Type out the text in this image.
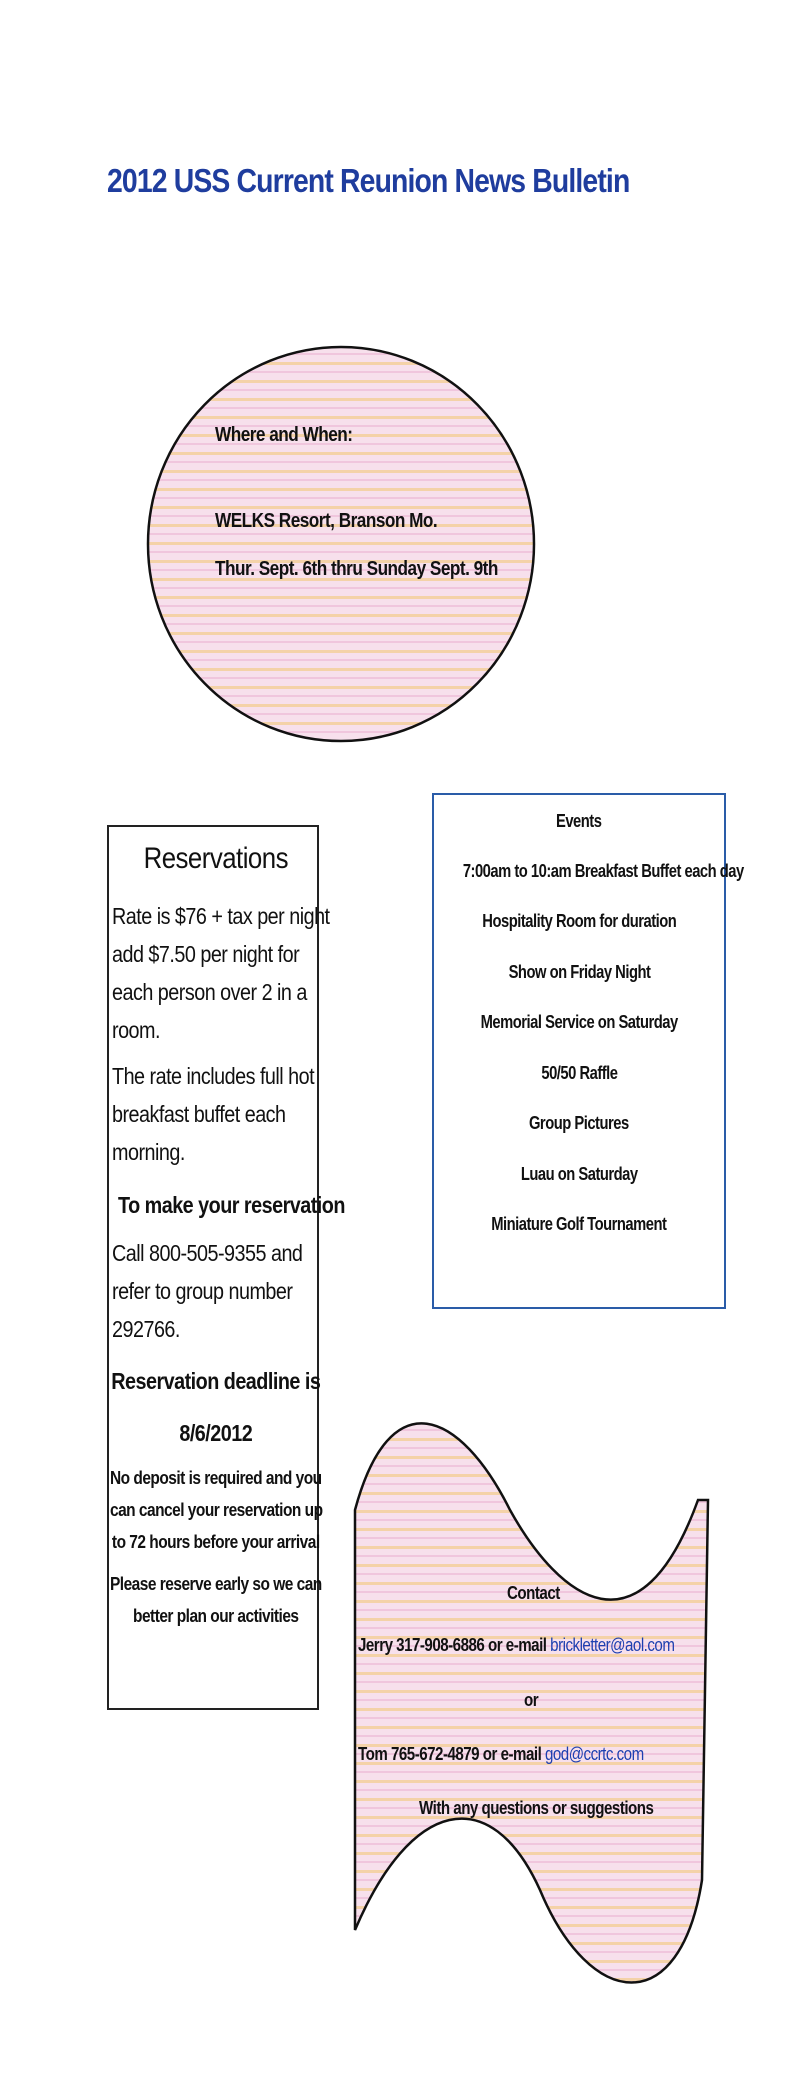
2012 USS Current Reunion News Bulletin
Where and When:
WELKS Resort, Branson Mo.
Thur. Sept. 6th thru Sunday Sept. 9th
Reservations
Rate is $76 + tax per night
add $7.50 per night for
each person over 2 in a
room.
The rate includes full hot
breakfast buffet each
morning.
To make your reservation
Call 800-505-9355 and
refer to group number
292766.
Reservation deadline is
8/6/2012
No deposit is required and you
can cancel your reservation up
to 72 hours before your arrival
Please reserve early so we can
better plan our activities
Events
7:00am to 10:am Breakfast Buffet each day
Hospitality Room for duration
Show on Friday Night
Memorial Service on Saturday
50/50 Raffle
Group Pictures
Luau on Saturday
Miniature Golf Tournament
Contact
Jerry 317-908-6886 or e-mail brickletter@aol.com
or
Tom 765-672-4879 or e-mail god@ccrtc.com
With any questions or suggestions
